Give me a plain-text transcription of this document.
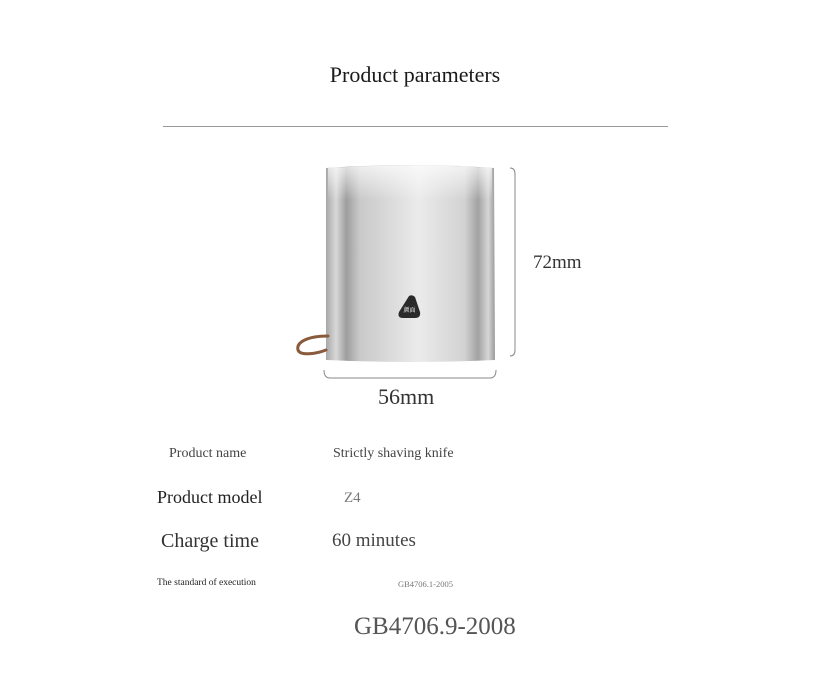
Product parameters
颜面
72mm
56mm
Product name	Strictly shaving knife
Product model	Z4
Charge time	60 minutes
The standard of execution	GB4706.1-2005
GB4706.9-2008
